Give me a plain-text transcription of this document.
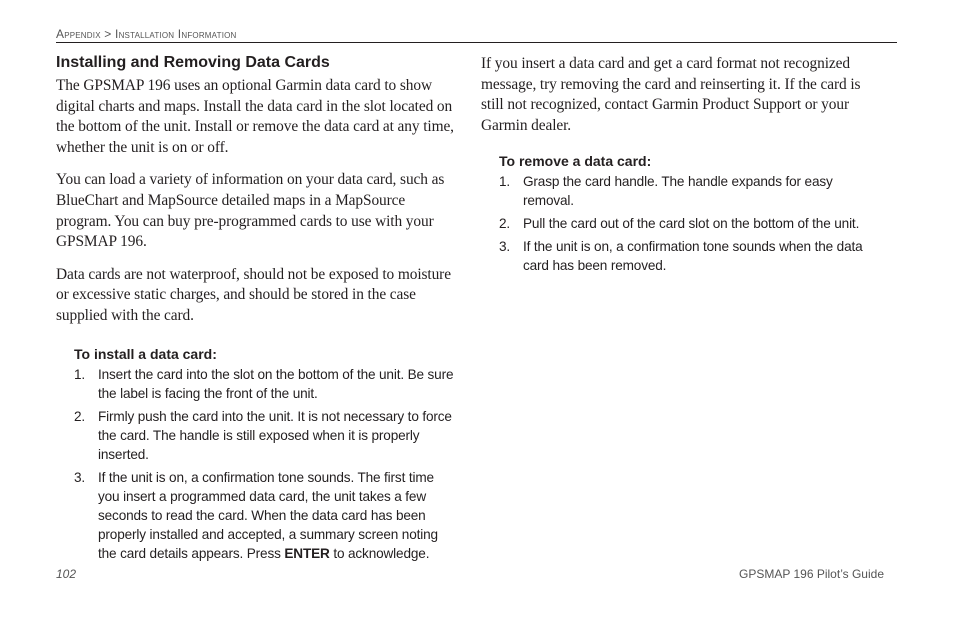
Appendix > Installation Information
Installing and Removing Data Cards

The GPSMAP 196 uses an optional Garmin data card to show digital charts and maps. Install the data card in the slot located on the bottom of the unit. Install or remove the data card at any time, whether the unit is on or off.

You can load a variety of information on your data card, such as BlueChart and MapSource detailed maps in a MapSource program. You can buy pre-programmed cards to use with your GPSMAP 196.

Data cards are not waterproof, should not be exposed to moisture or excessive static charges, and should be stored in the case supplied with the card.

To install a data card:
1. Insert the card into the slot on the bottom of the unit. Be sure the label is facing the front of the unit.
2. Firmly push the card into the unit. It is not necessary to force the card. The handle is still exposed when it is properly inserted.
3. If the unit is on, a confirmation tone sounds. The first time you insert a programmed data card, the unit takes a few seconds to read the card. When the data card has been properly installed and accepted, a summary screen noting the card details appears. Press ENTER to acknowledge.

If you insert a data card and get a card format not recognized message, try removing the card and reinserting it. If the card is still not recognized, contact Garmin Product Support or your Garmin dealer.

To remove a data card:
1. Grasp the card handle. The handle expands for easy removal.
2. Pull the card out of the card slot on the bottom of the unit.
3. If the unit is on, a confirmation tone sounds when the data card has been removed.
102	GPSMAP 196 Pilot’s Guide
